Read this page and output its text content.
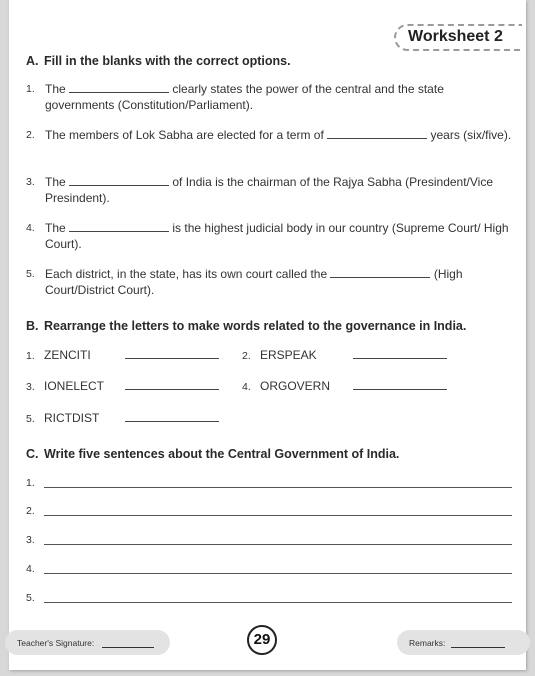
Worksheet 2
A. Fill in the blanks with the correct options.
1. The	clearly states the power of the central and the state governments (Constitution/Parliament).
2. The members of Lok Sabha are elected for a term of	years (six/five).
3. The	of India is the chairman of the Rajya Sabha (Presindent/Vice Presindent).
4. The	is the highest judicial body in our country (Supreme Court/ High Court).
5. Each district, in the state, has its own court called the	(High Court/District Court).
B. Rearrange the letters to make words related to the governance in India.
1. ZENCITI	2. ERSPEAK
3. IONELECT	4. ORGOVERN
5. RICTDIST
C. Write five sentences about the Central Government of India.
1.
2.
3.
4.
5.
Teacher's Signature:	29	Remarks:
